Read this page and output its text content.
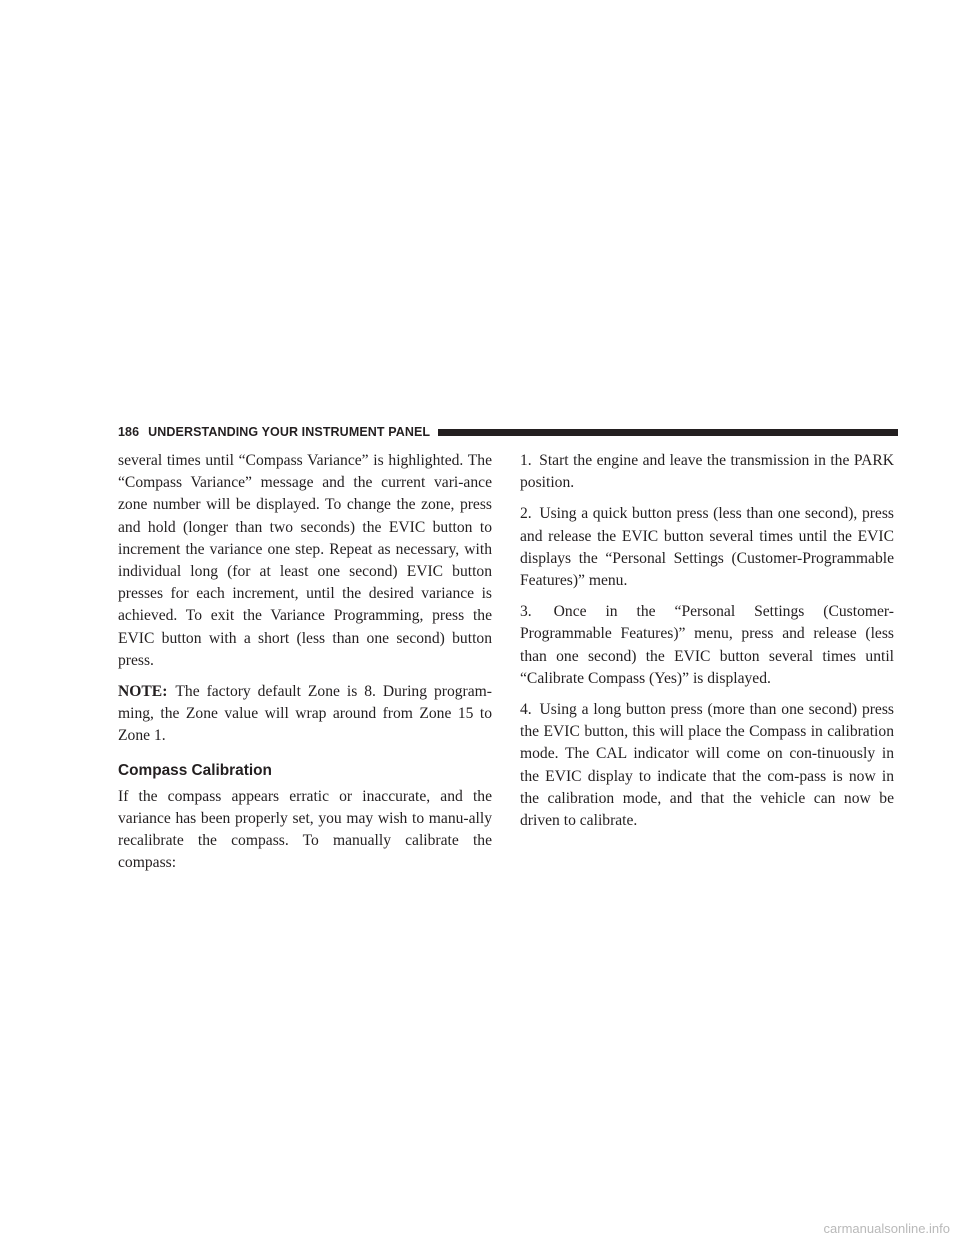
186 UNDERSTANDING YOUR INSTRUMENT PANEL

several times until “Compass Variance” is highlighted. The “Compass Variance” message and the current vari-ance zone number will be displayed. To change the zone, press and hold (longer than two seconds) the EVIC button to increment the variance one step. Repeat as necessary, with individual long (for at least one second) EVIC button presses for each increment, until the desired variance is achieved. To exit the Variance Programming, press the EVIC button with a short (less than one second) button press.

NOTE: The factory default Zone is 8. During program-ming, the Zone value will wrap around from Zone 15 to Zone 1.

Compass Calibration

If the compass appears erratic or inaccurate, and the variance has been properly set, you may wish to manu-ally recalibrate the compass. To manually calibrate the compass:

1. Start the engine and leave the transmission in the PARK position.

2. Using a quick button press (less than one second), press and release the EVIC button several times until the EVIC displays the “Personal Settings (Customer-Programmable Features)” menu.

3. Once in the “Personal Settings (Customer-Programmable Features)” menu, press and release (less than one second) the EVIC button several times until “Calibrate Compass (Yes)” is displayed.

4. Using a long button press (more than one second) press the EVIC button, this will place the Compass in calibration mode. The CAL indicator will come on con-tinuously in the EVIC display to indicate that the com-pass is now in the calibration mode, and that the vehicle can now be driven to calibrate.

carmanualsonline.info
